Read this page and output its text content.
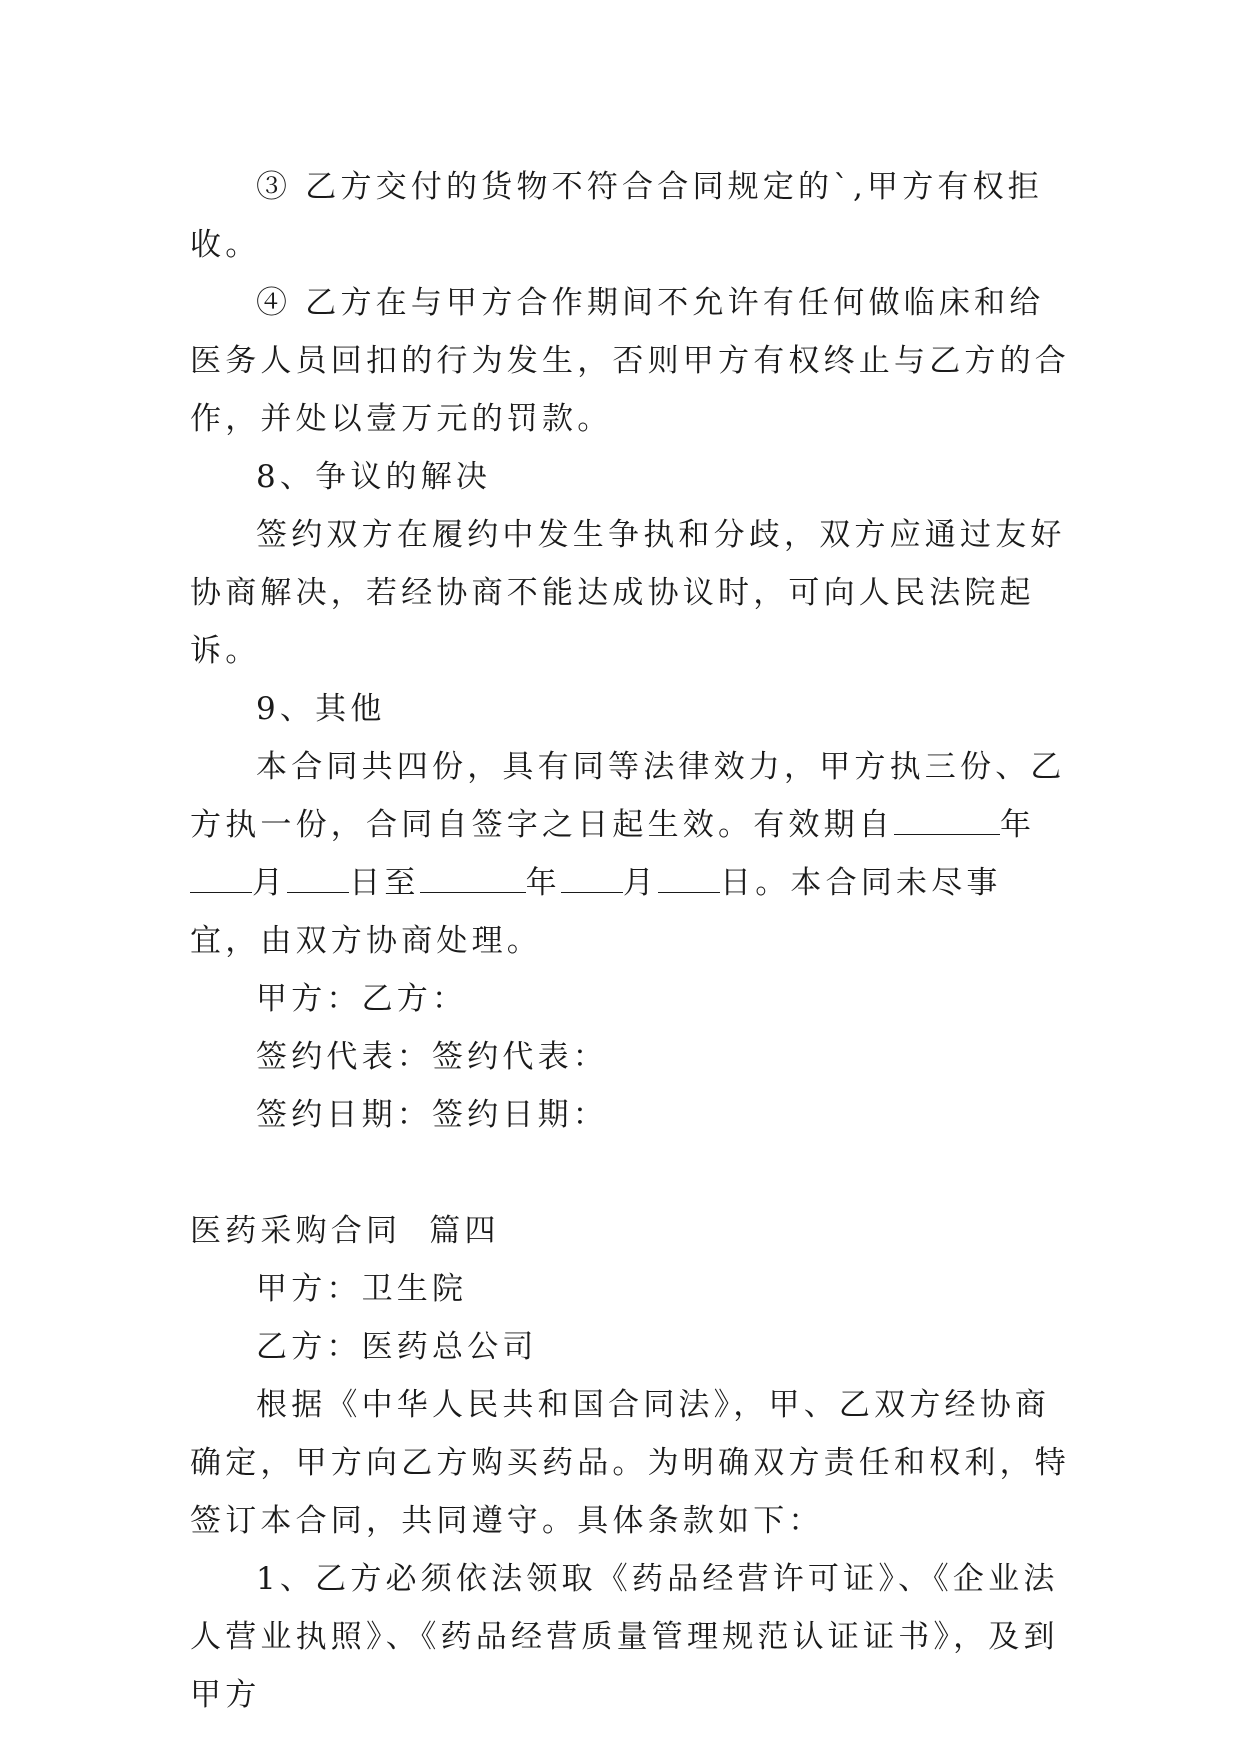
③ 乙方交付的货物不符合合同规定的`,甲方有权拒收。

④ 乙方在与甲方合作期间不允许有任何做临床和给医务人员回扣的行为发生，否则甲方有权终止与乙方的合作，并处以壹万元的罚款。

8、争议的解决

签约双方在履约中发生争执和分歧，双方应通过友好协商解决，若经协商不能达成协议时，可向人民法院起诉。

9、其他

本合同共四份，具有同等法律效力，甲方执三份、乙方执一份，合同自签字之日起生效。有效期自	年月 日至	年 月 日。本合同未尽事宜，由双方协商处理。

甲方：乙方：

签约代表：签约代表：

签约日期：签约日期：

医药采购合同  篇四

甲方：卫生院

乙方：医药总公司

根据《中华人民共和国合同法》，甲、乙双方经协商确定，甲方向乙方购买药品。为明确双方责任和权利，特签订本合同，共同遵守。具体条款如下：

1、乙方必须依法领取《药品经营许可证》、《企业法人营业执照》、《药品经营质量管理规范认证证书》，及到甲方
